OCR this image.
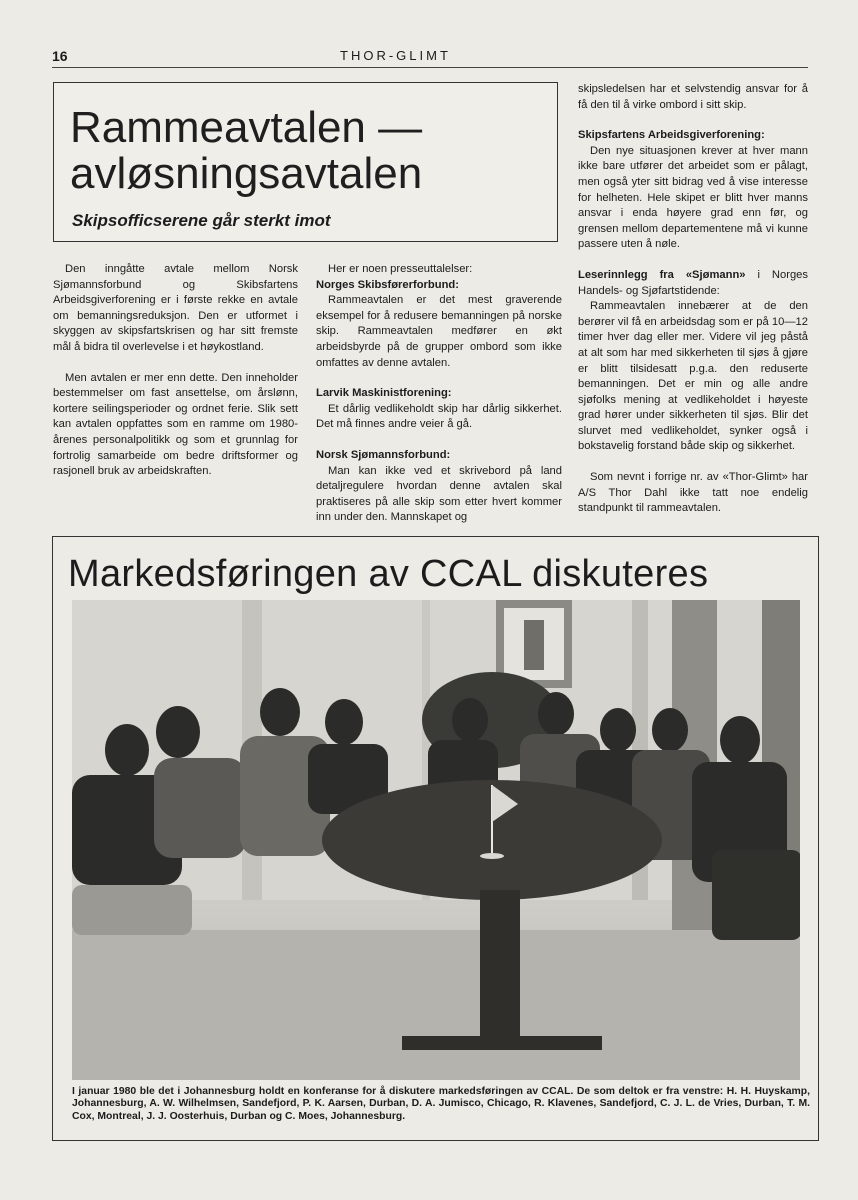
16	THOR-GLIMT
Rammeavtalen — avløsningsavtalen
Skipsofficserene går sterkt imot

Den inngåtte avtale mellom Norsk Sjømannsforbund og Skibsfartens Arbeidsgiverforening er i første rekke en avtale om bemanningsreduksjon. Den er utformet i skyggen av skipsfartskrisen og har sitt fremste mål å bidra til overlevelse i et høykostland.

Men avtalen er mer enn dette. Den inneholder bestemmelser om fast ansettelse, om årslønn, kortere seilingsperioder og ordnet ferie. Slik sett kan avtalen oppfattes som en ramme om 1980-årenes personalpolitikk og som et grunnlag for fortrolig samarbeide om bedre driftsformer og rasjonell bruk av arbeidskraften.

Her er noen presseuttalelser:

Norges Skibsførerforbund:

Rammeavtalen er det mest graverende eksempel for å redusere bemanningen på norske skip. Rammeavtalen medfører en økt arbeidsbyrde på de grupper ombord som ikke omfattes av denne avtalen.

Larvik Maskinistforening:

Et dårlig vedlikeholdt skip har dårlig sikkerhet. Det må finnes andre veier å gå.

Norsk Sjømannsforbund:

Man kan ikke ved et skrivebord på land detaljregulere hvordan denne avtalen skal praktiseres på alle skip som etter hvert kommer inn under den. Mannskapet og

skipsledelsen har et selvstendig ansvar for å få den til å virke ombord i sitt skip.

Skipsfartens Arbeidsgiverforening:

Den nye situasjonen krever at hver mann ikke bare utfører det arbeidet som er pålagt, men også yter sitt bidrag ved å vise interesse for helheten. Hele skipet er blitt hver manns ansvar i enda høyere grad enn før, og grensen mellom departementene må vi kunne passere uten å nøle.

Leserinnlegg fra «Sjømann» i Norges Handels- og Sjøfartstidende:

Rammeavtalen innebærer at de den berører vil få en arbeidsdag som er på 10—12 timer hver dag eller mer. Videre vil jeg påstå at alt som har med sikkerheten til sjøs å gjøre er blitt tilsidesatt p.g.a. den reduserte bemanningen. Det er min og alle andre sjøfolks mening at vedlikeholdet i høyeste grad hører under sikkerheten til sjøs. Blir det slurvet med vedlikeholdet, synker også i bokstavelig forstand både skip og sikkerhet.

Som nevnt i forrige nr. av «Thor-Glimt» har A/S Thor Dahl ikke tatt noe endelig standpunkt til rammeavtalen.

Markedsføringen av CCAL diskuteres
I januar 1980 ble det i Johannesburg holdt en konferanse for å diskutere markedsføringen av CCAL. De som deltok er fra venstre: H. H. Huyskamp, Johannesburg, A. W. Wilhelmsen, Sandefjord, P. K. Aarsen, Durban, D. A. Jumisco, Chicago, R. Klavenes, Sandefjord, C. J. L. de Vries, Durban, T. M. Cox, Montreal, J. J. Oosterhuis, Durban og C. Moes, Johannesburg.
